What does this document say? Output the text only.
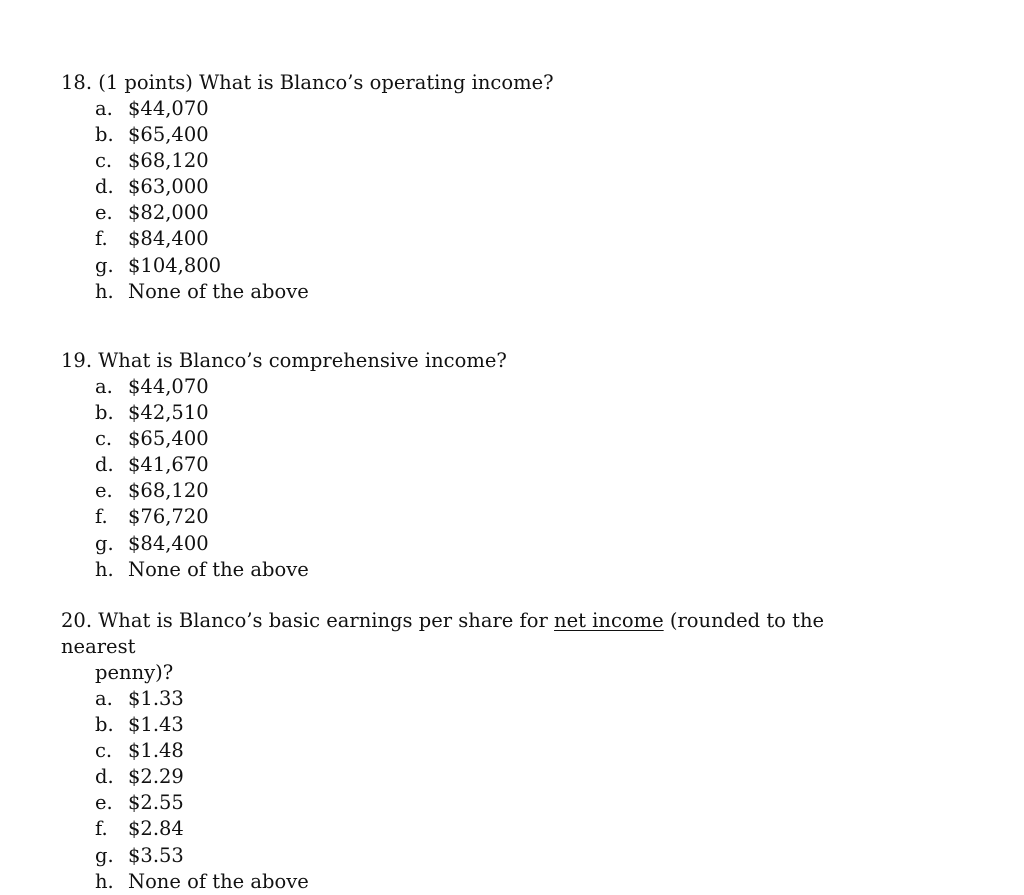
18. (1 points) What is Blanco’s operating income?

a. $44,070
b. $65,400
c. $68,120
d. $63,000
e. $82,000
f. $84,400
g. $104,800
h. None of the above

19. What is Blanco’s comprehensive income?

a. $44,070
b. $42,510
c. $65,400
d. $41,670
e. $68,120
f. $76,720
g. $84,400
h. None of the above

20. What is Blanco’s basic earnings per share for net income (rounded to the nearest
penny)?

a. $1.33
b. $1.43
c. $1.48
d. $2.29
e. $2.55
f. $2.84
g. $3.53
h. None of the above
